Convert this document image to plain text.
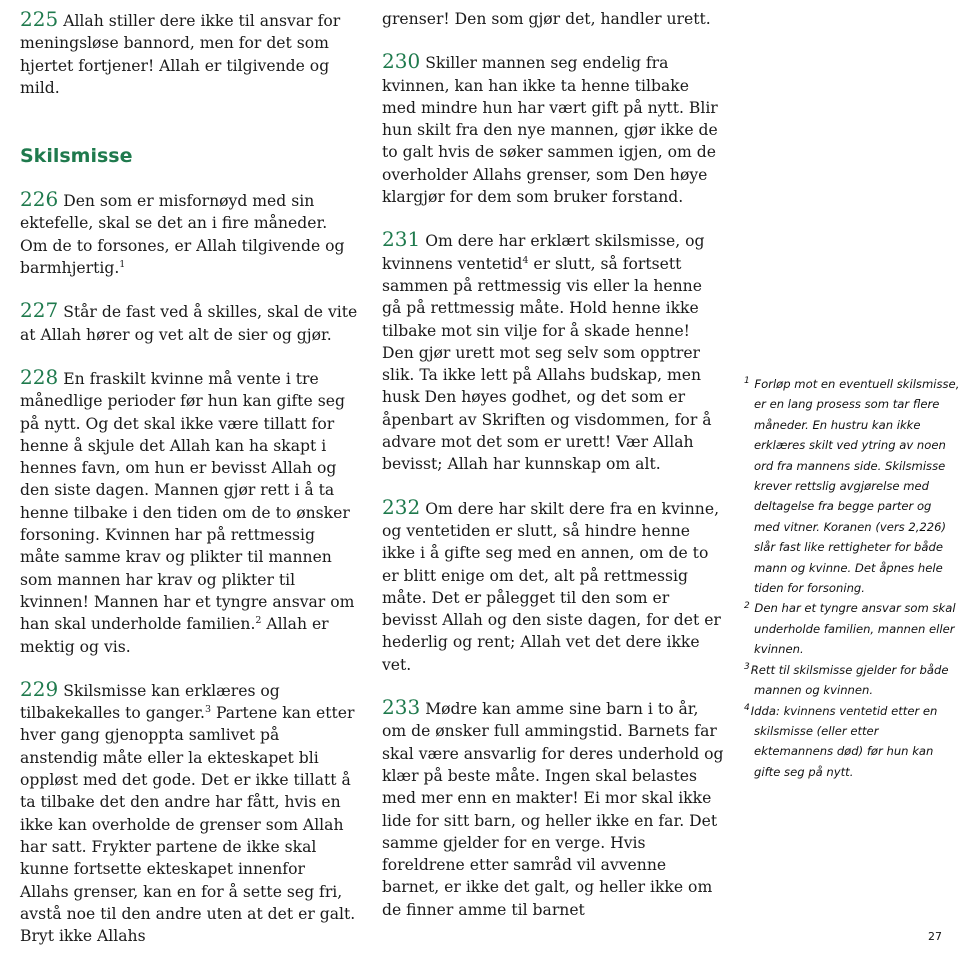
225 Allah stiller dere ikke til ansvar for meningsløse bannord, men for det som hjertet fortjener! Allah er tilgivende og mild.

Skilsmisse

226 Den som er misfornøyd med sin ektefelle, skal se det an i fire måneder. Om de to forsones, er Allah tilgivende og barmhjertig.$^1$

227 Står de fast ved å skilles, skal de vite at Allah hører og vet alt de sier og gjør.

228 En fraskilt kvinne må vente i tre månedlige perioder før hun kan gifte seg på nytt. Og det skal ikke være tillatt for henne å skjule det Allah kan ha skapt i hennes favn, om hun er bevisst Allah og den siste dagen. Mannen gjør rett i å ta henne tilbake i den tiden om de to ønsker forsoning. Kvinnen har på rettmessig måte samme krav og plikter til mannen som mannen har krav og plikter til kvinnen! Mannen har et tyngre ansvar om han skal underholde familien.$^2$ Allah er mektig og vis.

229 Skilsmisse kan erklæres og tilbakekalles to ganger.$^3$ Partene kan etter hver gang gjenoppta samlivet på anstendig måte eller la ekteskapet bli oppløst med det gode. Det er ikke tillatt å ta tilbake det den andre har fått, hvis en ikke kan overholde de grenser som Allah har satt. Frykter partene de ikke skal kunne fortsette ekteskapet innenfor Allahs grenser, kan en for å sette seg fri, avstå noe til den andre uten at det er galt. Bryt ikke Allahs

grenser! Den som gjør det, handler urett.

230 Skiller mannen seg endelig fra kvinnen, kan han ikke ta henne tilbake med mindre hun har vært gift på nytt. Blir hun skilt fra den nye mannen, gjør ikke de to galt hvis de søker sammen igjen, om de overholder Allahs grenser, som Den høye klargjør for dem som bruker forstand.

231 Om dere har erklært skilsmisse, og kvinnens ventetid$^4$ er slutt, så fortsett sammen på rettmessig vis eller la henne gå på rettmessig måte. Hold henne ikke tilbake mot sin vilje for å skade henne! Den gjør urett mot seg selv som opptrer slik. Ta ikke lett på Allahs budskap, men husk Den høyes godhet, og det som er åpenbart av Skriften og visdommen, for å advare mot det som er urett! Vær Allah bevisst; Allah har kunnskap om alt.

232 Om dere har skilt dere fra en kvinne, og ventetiden er slutt, så hindre henne ikke i å gifte seg med en annen, om de to er blitt enige om det, alt på rettmessig måte. Det er pålegget til den som er bevisst Allah og den siste dagen, for det er hederlig og rent; Allah vet det dere ikke vet.

233 Mødre kan amme sine barn i to år, om de ønsker full ammingstid. Barnets far skal være ansvarlig for deres underhold og klær på beste måte. Ingen skal belastes med mer enn en makter! Ei mor skal ikke lide for sitt barn, og heller ikke en far. Det samme gjelder for en verge. Hvis foreldrene etter samråd vil avvenne barnet, er ikke det galt, og heller ikke om de finner amme til barnet

$^1$ Forløp mot en eventuell skilsmisse, er en lang prosess som tar flere måneder. En hustru kan ikke erklæres skilt ved ytring av noen ord fra mannens side. Skilsmisse krever rettslig avgjørelse med deltagelse fra begge parter og med vitner. Koranen (vers 2,226) slår fast like rettigheter for både mann og kvinne. Det åpnes hele tiden for forsoning.

$^2$ Den har et tyngre ansvar som skal underholde familien, mannen eller kvinnen.

$^3$Rett til skilsmisse gjelder for både mannen og kvinnen.

$^4$Idda: kvinnens ventetid etter en skilsmisse (eller etter ektemannens død) før hun kan gifte seg på nytt.

27
